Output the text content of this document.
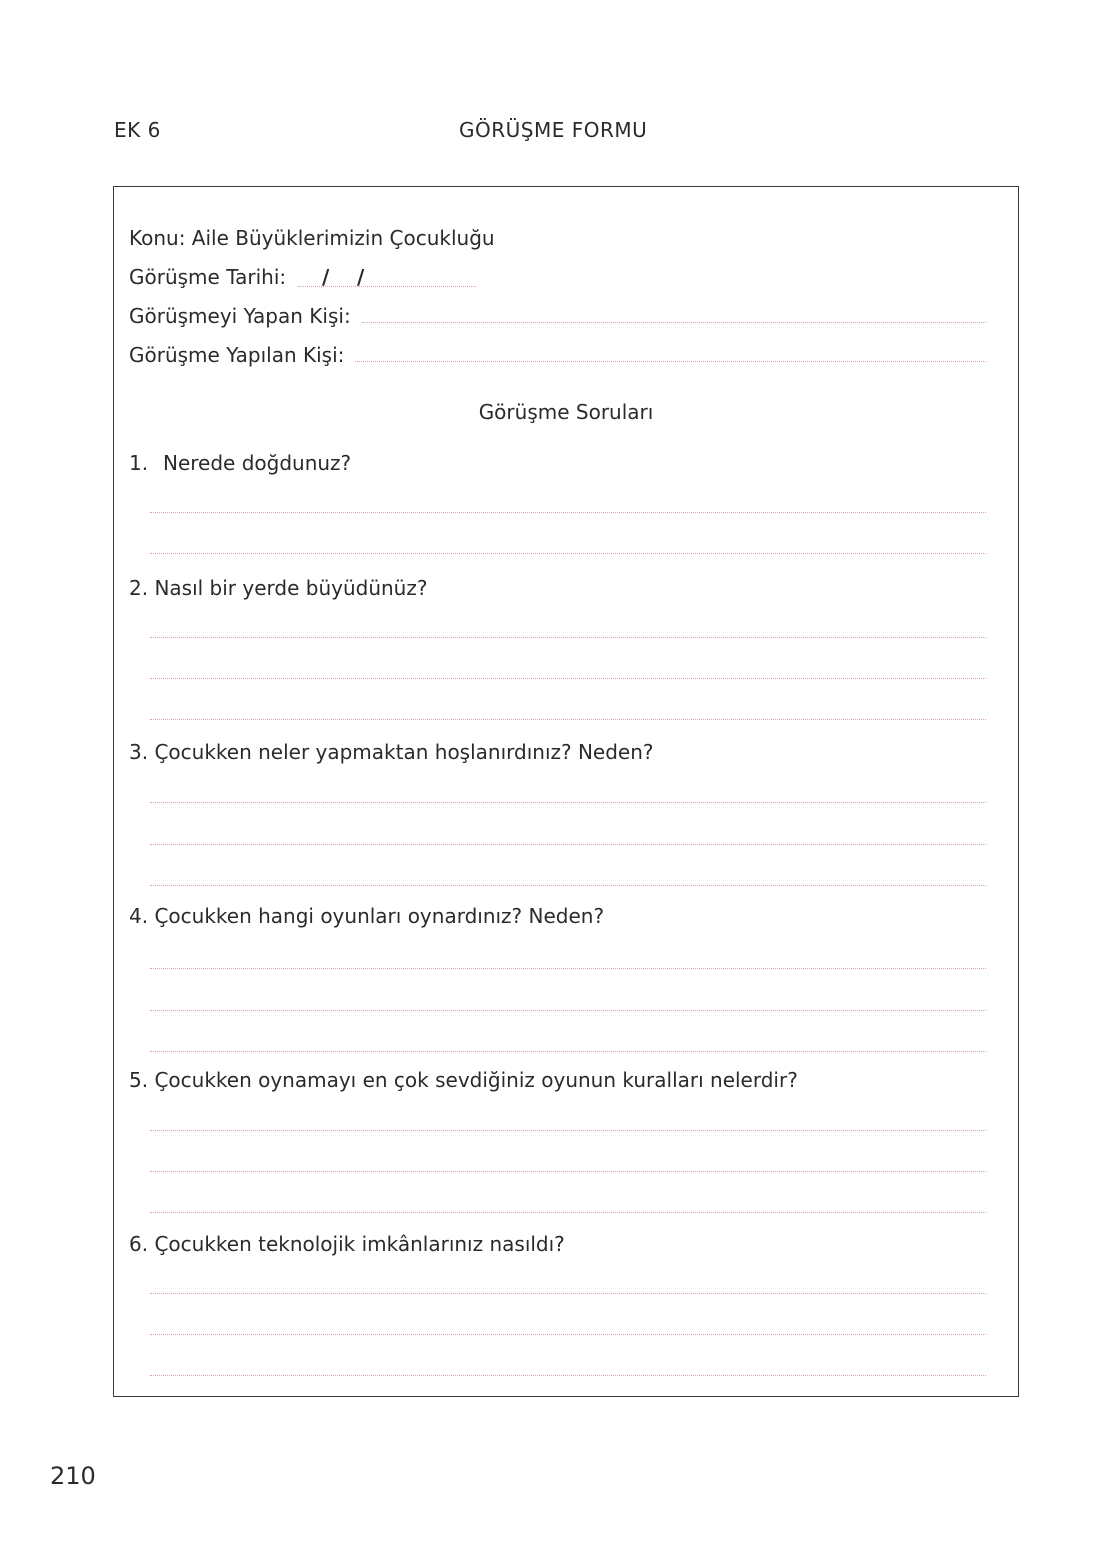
EK 6	GÖRÜŞME FORMU
Konu: Aile Büyüklerimizin Çocukluğu
Görüşme Tarihi: / /
Görüşmeyi Yapan Kişi:
Görüşme Yapılan Kişi:
Görüşme Soruları
1. Nerede doğdunuz?
2. Nasıl bir yerde büyüdünüz?
3. Çocukken neler yapmaktan hoşlanırdınız? Neden?
4. Çocukken hangi oyunları oynardınız? Neden?
5. Çocukken oynamayı en çok sevdiğiniz oyunun kuralları nelerdir?
6. Çocukken teknolojik imkânlarınız nasıldı?
210
